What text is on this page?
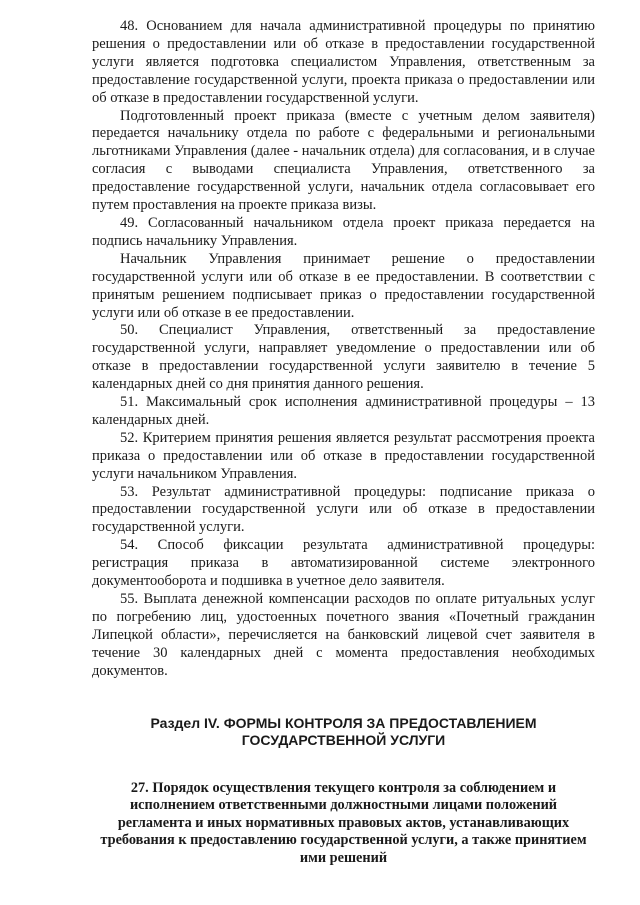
48. Основанием для начала административной процедуры по принятию решения о предоставлении или об отказе в предоставлении государственной услуги является подготовка специалистом Управления, ответственным за предоставление государственной услуги, проекта приказа о предоставлении или об отказе в предоставлении государственной услуги.

Подготовленный проект приказа (вместе с учетным делом заявителя) передается начальнику отдела по работе с федеральными и региональными льготниками Управления (далее - начальник отдела) для согласования, и в случае согласия с выводами специалиста Управления, ответственного за предоставление государственной услуги, начальник отдела согласовывает его путем проставления на проекте приказа визы.

49. Согласованный начальником отдела проект приказа передается на подпись начальнику Управления.

Начальник Управления принимает решение о предоставлении государственной услуги или об отказе в ее предоставлении. В соответствии с принятым решением подписывает приказ о предоставлении государственной услуги или об отказе в ее предоставлении.

50. Специалист Управления, ответственный за предоставление государственной услуги, направляет уведомление о предоставлении или об отказе в предоставлении государственной услуги заявителю в течение 5 календарных дней со дня принятия данного решения.

51. Максимальный срок исполнения административной процедуры – 13 календарных дней.

52. Критерием принятия решения является результат рассмотрения проекта приказа о предоставлении или об отказе в предоставлении государственной услуги начальником Управления.

53. Результат административной процедуры: подписание приказа о предоставлении государственной услуги или об отказе в предоставлении государственной услуги.

54. Способ фиксации результата административной процедуры: регистрация приказа в автоматизированной системе электронного документооборота и подшивка в учетное дело заявителя.

55. Выплата денежной компенсации расходов по оплате ритуальных услуг по погребению лиц, удостоенных почетного звания «Почетный гражданин Липецкой области», перечисляется на банковский лицевой счет заявителя в течение 30 календарных дней с момента предоставления необходимых документов.

Раздел IV. ФОРМЫ КОНТРОЛЯ ЗА ПРЕДОСТАВЛЕНИЕМ
ГОСУДАРСТВЕННОЙ УСЛУГИ
27. Порядок осуществления текущего контроля за соблюдением и исполнением ответственными должностными лицами положений регламента и иных нормативных правовых актов, устанавливающих требования к предоставлению государственной услуги, а также принятием ими решений
